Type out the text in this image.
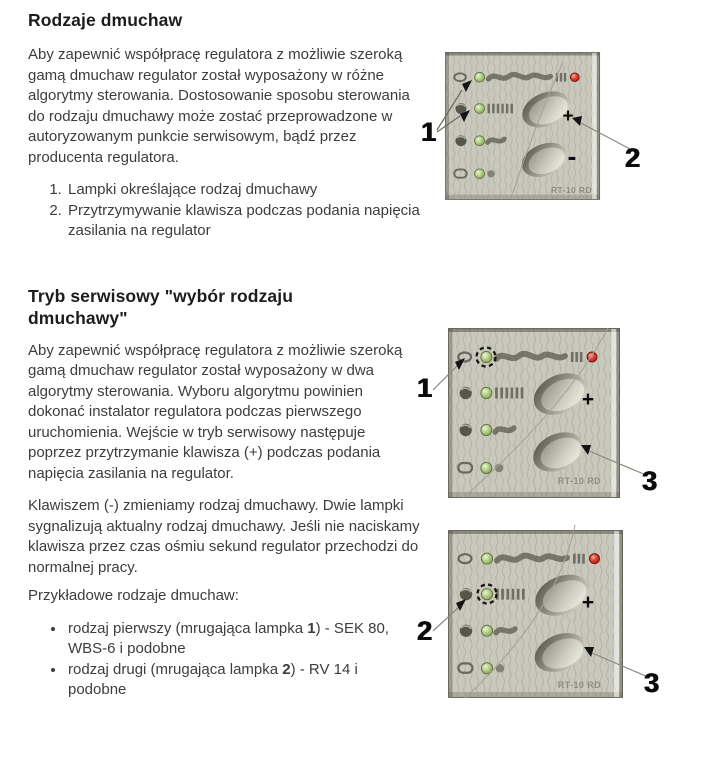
Rodzaje dmuchaw

Aby zapewnić współpracę regulatora z możliwie szeroką gamą dmuchaw regulator został wyposażony w różne algorytmy sterowania. Dostosowanie sposobu sterowania do rodzaju dmuchawy może zostać przeprowadzone w autoryzowanym punkcie serwisowym, bądź przez producenta regulatora.

1. Lampki określające rodzaj dmuchawy
2. Przytrzymywanie klawisza podczas podania napięcia zasilania na regulator
Tryb serwisowy "wybór rodzaju dmuchawy"

Aby zapewnić współpracę regulatora z możliwie szeroką gamą dmuchaw regulator został wyposażony w dwa algorytmy sterowania. Wyboru algorytmu powinien dokonać instalator regulatora podczas pierwszego uruchomienia. Wejście w tryb serwisowy następuje poprzez przytrzymanie klawisza (+) podczas podania napięcia zasilania na regulator.

Klawiszem (-) zmieniamy rodzaj dmuchawy. Dwie lampki sygnalizują aktualny rodzaj dmuchawy. Jeśli nie naciskamy klawisza przez czas ośmiu sekund regulator przechodzi do normalnej pracy.

Przykładowe rodzaje dmuchaw:

• rodzaj pierwszy (mrugająca lampka 1) - SEK 80, WBS-6 i podobne
• rodzaj drugi (mrugająca lampka 2) - RV 14 i podobne
+
-
RT-10 RD
1
2
+
RT-10 RD
1
3
+
RT-10 RD
2
3
